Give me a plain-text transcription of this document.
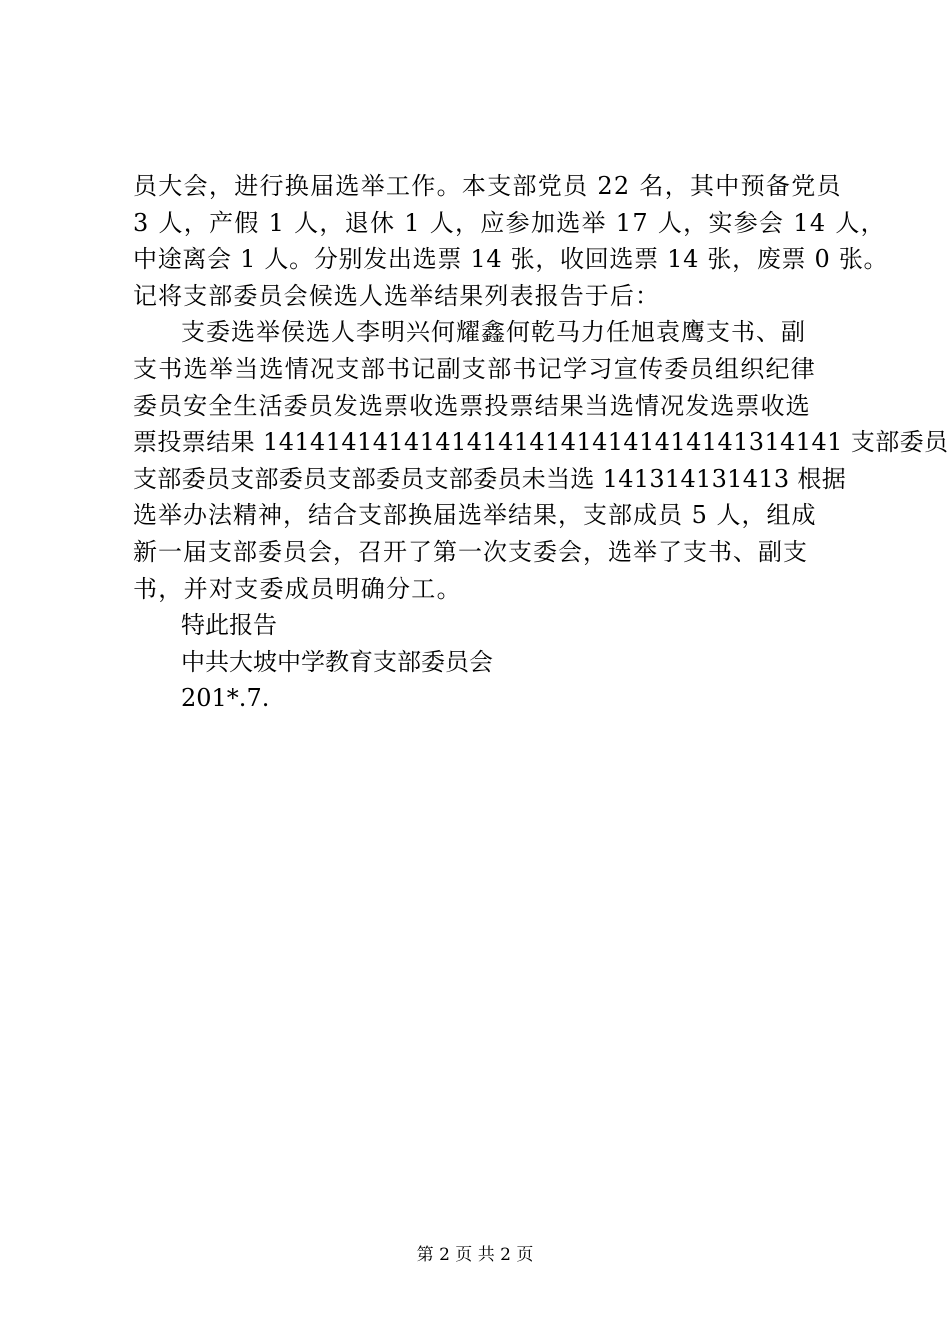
员大会，进行换届选举工作。本支部党员 22 名，其中预备党员
3 人，产假 1 人，退休 1 人，应参加选举 17 人，实参会 14 人，
中途离会 1 人。分别发出选票 14 张，收回选票 14 张，废票 0 张。
记将支部委员会候选人选举结果列表报告于后：
支委选举侯选人李明兴何耀鑫何乾马力任旭袁鹰支书、副
支书选举当选情况支部书记副支部书记学习宣传委员组织纪律
委员安全生活委员发选票收选票投票结果当选情况发选票收选
票投票结果 1414141414141414141414141414141314141 支部委员
支部委员支部委员支部委员支部委员未当选 141314131413 根据
选举办法精神，结合支部换届选举结果，支部成员 5 人，组成
新一届支部委员会，召开了第一次支委会，选举了支书、副支
书，并对支委成员明确分工。
特此报告
中共大坡中学教育支部委员会
201*.7.
第 2 页 共 2 页
